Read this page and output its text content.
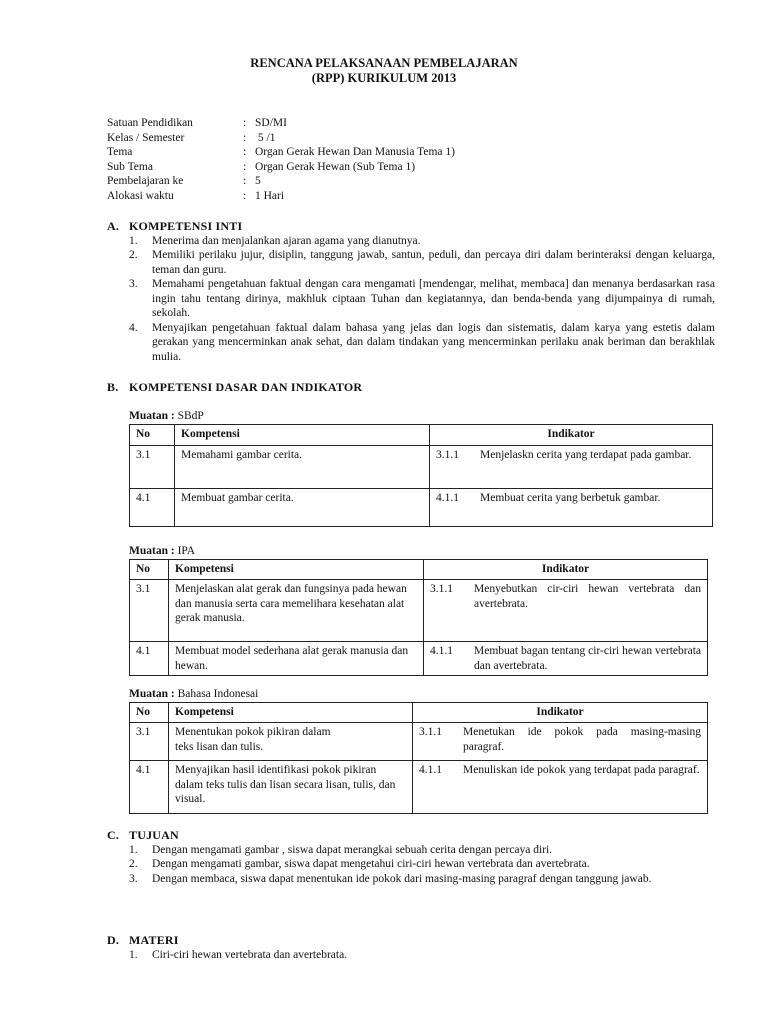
RENCANA PELAKSANAAN PEMBELAJARAN
(RPP) KURIKULUM 2013
Satuan Pendidikan	: SD/MI
Kelas / Semester	: 5 /1
Tema	: Organ Gerak Hewan Dan Manusia Tema 1)
Sub Tema	: Organ Gerak Hewan (Sub Tema 1)
Pembelajaran ke	: 5
Alokasi waktu	: 1 Hari
A. KOMPETENSI INTI
1. Menerima dan menjalankan ajaran agama yang dianutnya.
2. Memiliki perilaku jujur, disiplin, tanggung jawab, santun, peduli, dan percaya diri dalam berinteraksi dengan keluarga, teman dan guru.
3. Memahami pengetahuan faktual dengan cara mengamati [mendengar, melihat, membaca] dan menanya berdasarkan rasa ingin tahu tentang dirinya, makhluk ciptaan Tuhan dan kegiatannya, dan benda-benda yang dijumpainya di rumah, sekolah.
4. Menyajikan pengetahuan faktual dalam bahasa yang jelas dan logis dan sistematis, dalam karya yang estetis dalam gerakan yang mencerminkan anak sehat, dan dalam tindakan yang mencerminkan perilaku anak beriman dan berakhlak mulia.
B. KOMPETENSI DASAR DAN INDIKATOR
Muatan : SBdP
No	Kompetensi	Indikator
3.1	Memahami gambar cerita.	3.1.1 Menjelaskn cerita yang terdapat pada gambar.

4.1	Membuat gambar cerita.	4.1.1 Membuat cerita yang berbetuk gambar.
Muatan : IPA
No	Kompetensi	Indikator
3.1	Menjelaskan alat gerak dan fungsinya pada hewan dan manusia serta cara memelihara kesehatan alat gerak manusia.	3.1.1 Menyebutkan cir-ciri hewan vertebrata dan avertebrata.

4.1	Membuat model sederhana alat gerak manusia dan hewan.	4.1.1 Membuat bagan tentang cir-ciri hewan vertebrata dan avertebrata.
Muatan : Bahasa Indonesai
No	Kompetensi	Indikator
3.1	Menentukan pokok pikiran dalam teks lisan dan tulis.	3.1.1 Menetukan ide pokok pada masing-masing paragraf.

4.1	Menyajikan hasil identifikasi pokok pikiran dalam teks tulis dan lisan secara lisan, tulis, dan visual.	4.1.1 Menuliskan ide pokok yang terdapat pada paragraf.
C. TUJUAN
1. Dengan mengamati gambar , siswa dapat merangkai sebuah cerita dengan percaya diri.
2. Dengan mengamati gambar, siswa dapat mengetahui ciri-ciri hewan vertebrata dan avertebrata.
3. Dengan membaca, siswa dapat menentukan ide pokok dari masing-masing paragraf dengan tanggung jawab.
D. MATERI
1. Ciri-ciri hewan vertebrata dan avertebrata.
